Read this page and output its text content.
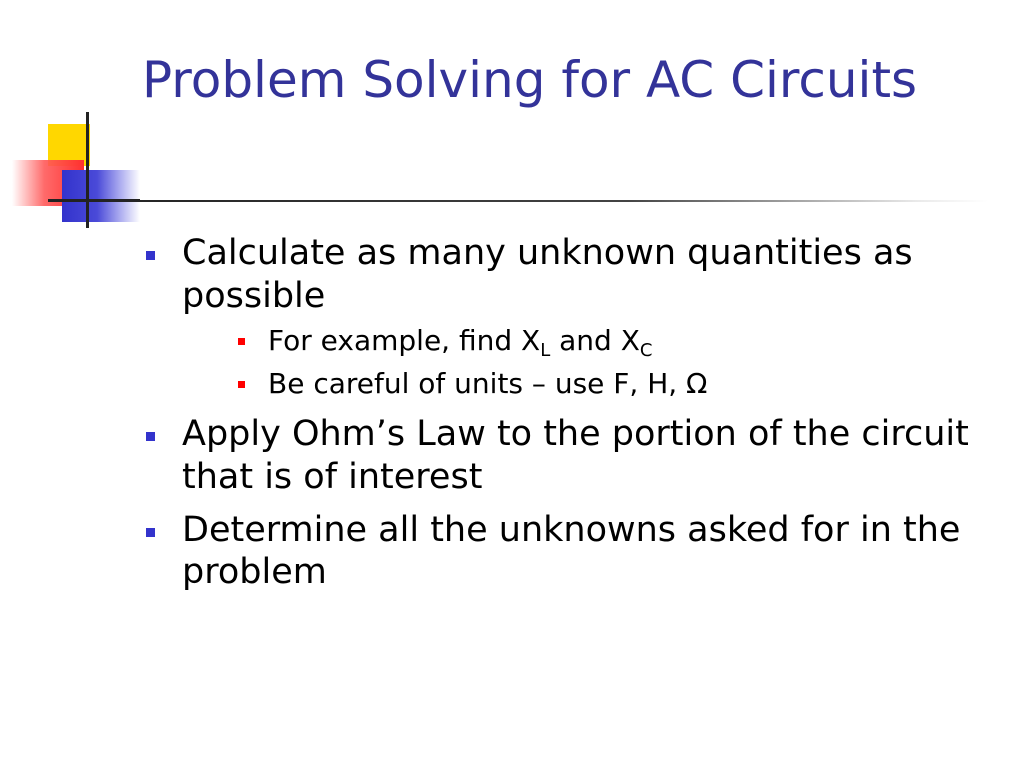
Problem Solving for AC Circuits
Calculate as many unknown quantities as possible
For example, find $X_L$ and $X_C$
Be careful of units – use F, H, Ω
Apply Ohm’s Law to the portion of the circuit that is of interest
Determine all the unknowns asked for in the problem
